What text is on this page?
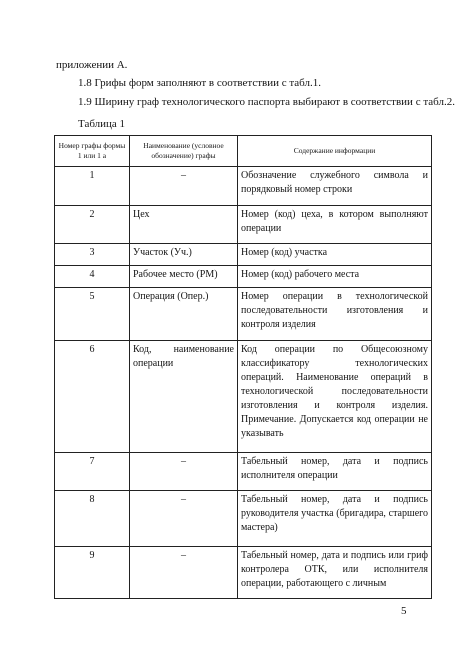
приложении А.

1.8 Грифы форм заполняют в соответствии с табл.1.

1.9 Ширину граф технологического паспорта выбирают в соответствии с табл.2.

Таблица 1

Номер графы формы 1 или 1 а	Наименование (условное обозначение) графы	Содержание информации
1	–	Обозначение служебного символа и порядковый номер строки
2	Цех	Номер (код) цеха, в котором выполняют операции
3	Участок (Уч.)	Номер (код) участка
4	Рабочее место (РМ)	Номер (код) рабочего места
5	Операция (Опер.)	Номер операции в технологической последовательности изготовления и контроля изделия
6	Код, наименование операции	Код операции по Общесоюзному классификатору технологических операций. Наименование операций в технологической последовательности изготовления и контроля изделия. Примечание. Допускается код операции не указывать
7	–	Табельный номер, дата и подпись исполнителя операции
8	–	Табельный номер, дата и подпись руководителя участка (бригадира, старшего мастера)
9	–	Табельный номер, дата и подпись или гриф контролера ОТК, или исполнителя операции, работающего с личным
5
